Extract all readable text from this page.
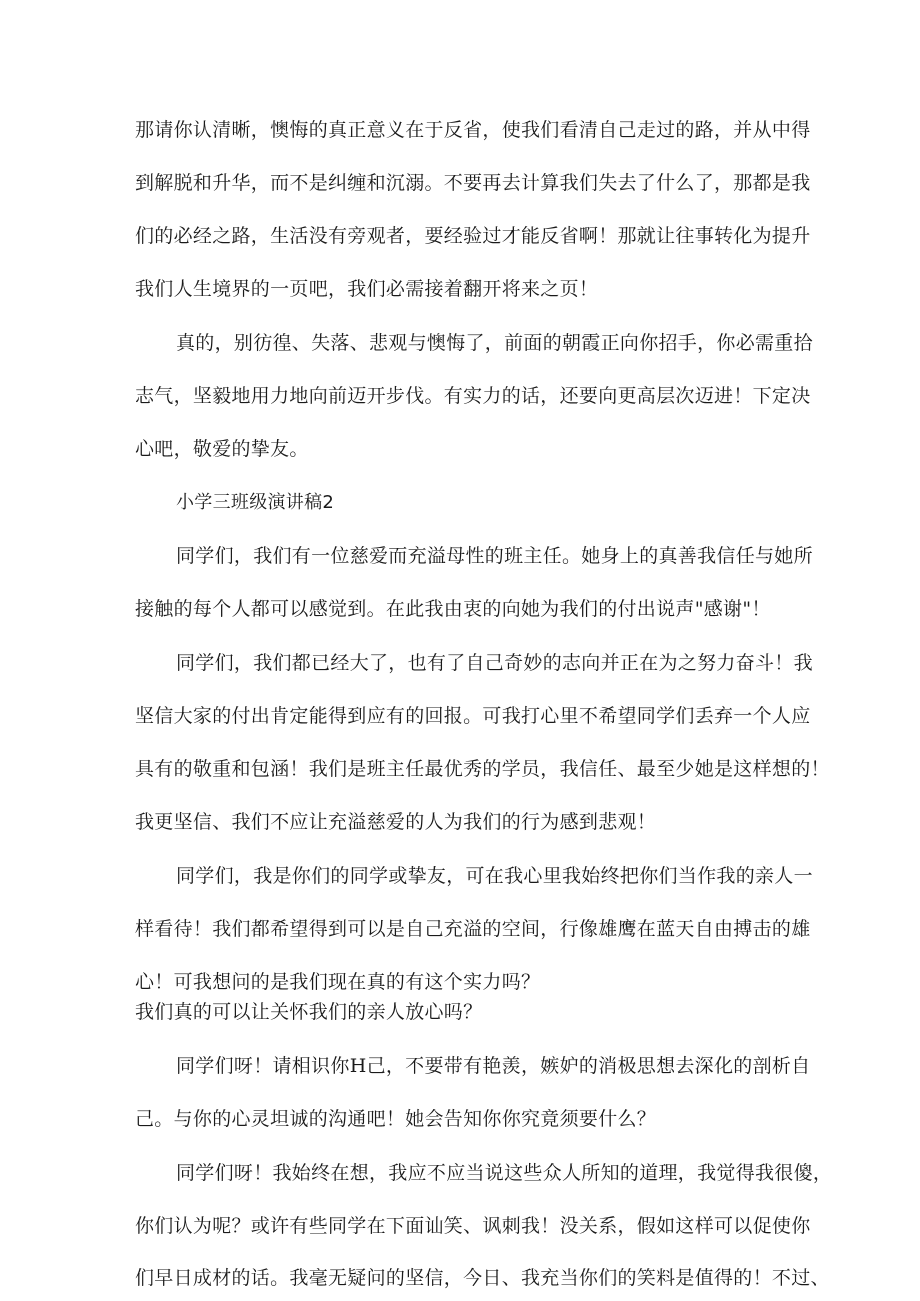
那请你认清晰，懊悔的真正意义在于反省，使我们看清自己走过的路，并从中得
到解脱和升华，而不是纠缠和沉溺。不要再去计算我们失去了什么了，那都是我
们的必经之路，生活没有旁观者，要经验过才能反省啊！那就让往事转化为提升
我们人生境界的一页吧，我们必需接着翻开将来之页！
真的，别彷徨、失落、悲观与懊悔了，前面的朝霞正向你招手，你必需重拾
志气，坚毅地用力地向前迈开步伐。有实力的话，还要向更高层次迈进！下定决
心吧，敬爱的挚友。
小学三班级演讲稿2
同学们，我们有一位慈爱而充溢母性的班主任。她身上的真善我信任与她所
接触的每个人都可以感觉到。在此我由衷的向她为我们的付出说声"感谢"！
同学们，我们都已经大了，也有了自己奇妙的志向并正在为之努力奋斗！我
坚信大家的付出肯定能得到应有的回报。可我打心里不希望同学们丢弃一个人应
具有的敬重和包涵！我们是班主任最优秀的学员，我信任、最至少她是这样想的！
我更坚信、我们不应让充溢慈爱的人为我们的行为感到悲观！
同学们，我是你们的同学或挚友，可在我心里我始终把你们当作我的亲人一
样看待！我们都希望得到可以是自己充溢的空间，行像雄鹰在蓝天自由搏击的雄
心！可我想问的是我们现在真的有这个实力吗？
我们真的可以让关怀我们的亲人放心吗？
同学们呀！请相识你H己，不要带有艳羡，嫉妒的消极思想去深化的剖析自
己。与你的心灵坦诚的沟通吧！她会告知你你究竟须要什么？
同学们呀！我始终在想，我应不应当说这些众人所知的道理，我觉得我很傻，
你们认为呢？或许有些同学在下面讪笑、讽刺我！没关系，假如这样可以促使你
们早日成材的话。我毫无疑问的坚信，今日、我充当你们的笑料是值得的！不过、
